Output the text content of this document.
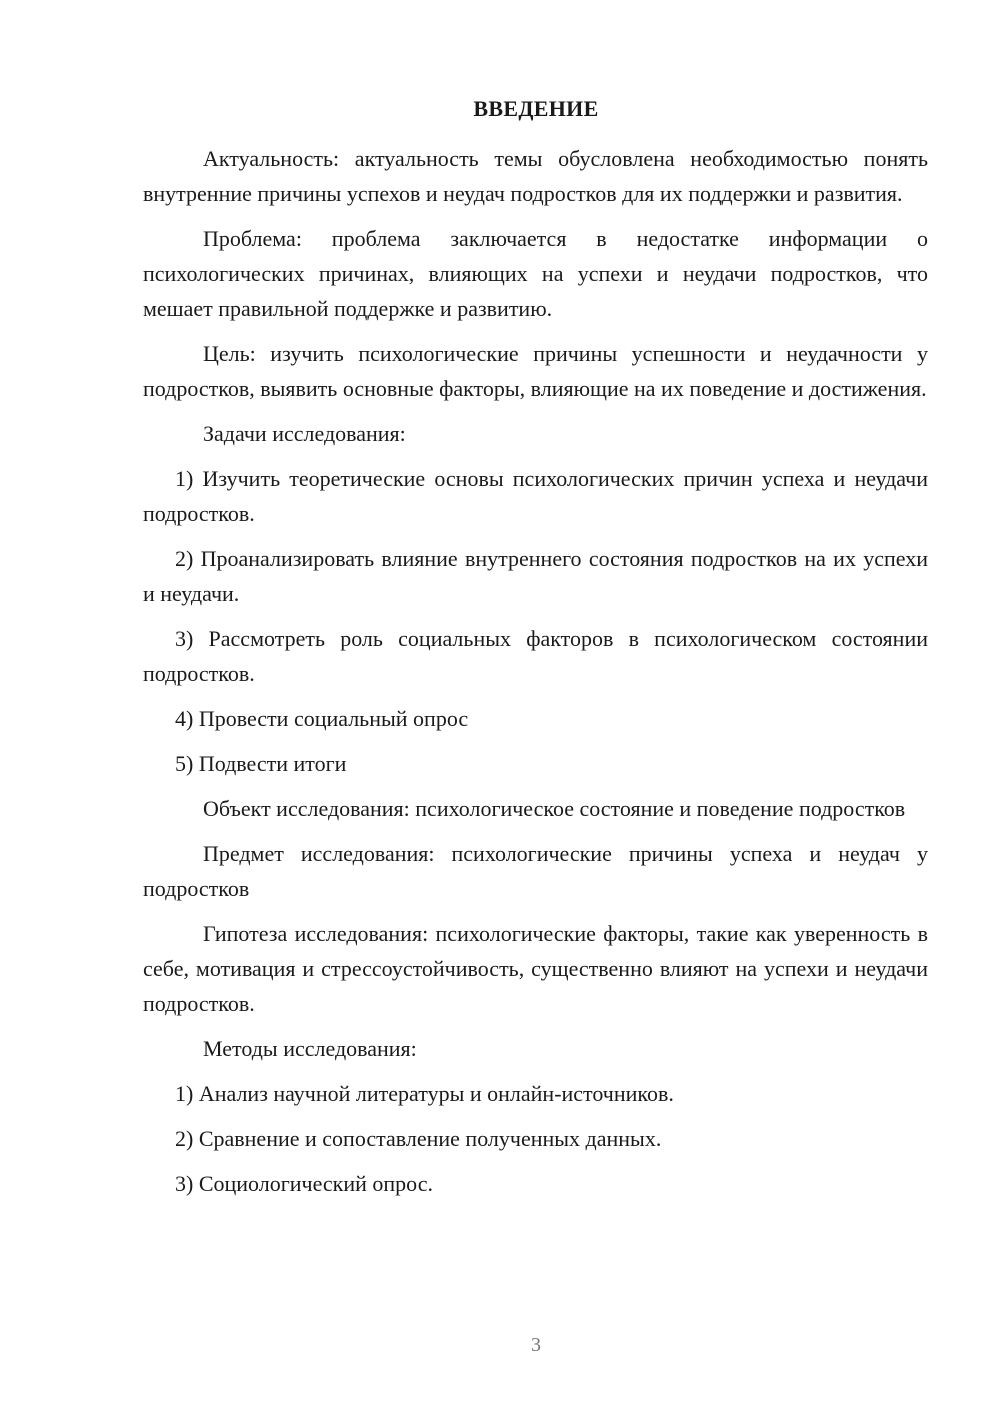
ВВЕДЕНИЕ

Актуальность: актуальность темы обусловлена необходимостью понять внутренние причины успехов и неудач подростков для их поддержки и развития.

Проблема: проблема заключается в недостатке информации о психологических причинах, влияющих на успехи и неудачи подростков, что мешает правильной поддержке и развитию.

Цель: изучить психологические причины успешности и неудачности у подростков, выявить основные факторы, влияющие на их поведение и достижения.

Задачи исследования:

1) Изучить теоретические основы психологических причин успеха и неудачи подростков.

2) Проанализировать влияние внутреннего состояния подростков на их успехи и неудачи.

3) Рассмотреть роль социальных факторов в психологическом состоянии подростков.

4) Провести социальный опрос

5) Подвести итоги

Объект исследования: психологическое состояние и поведение подростков

Предмет исследования: психологические причины успеха и неудач у подростков

Гипотеза исследования: психологические факторы, такие как уверенность в себе, мотивация и стрессоустойчивость, существенно влияют на успехи и неудачи подростков.

Методы исследования:

1) Анализ научной литературы и онлайн-источников.

2) Сравнение и сопоставление полученных данных.

3) Социологический опрос.

3
